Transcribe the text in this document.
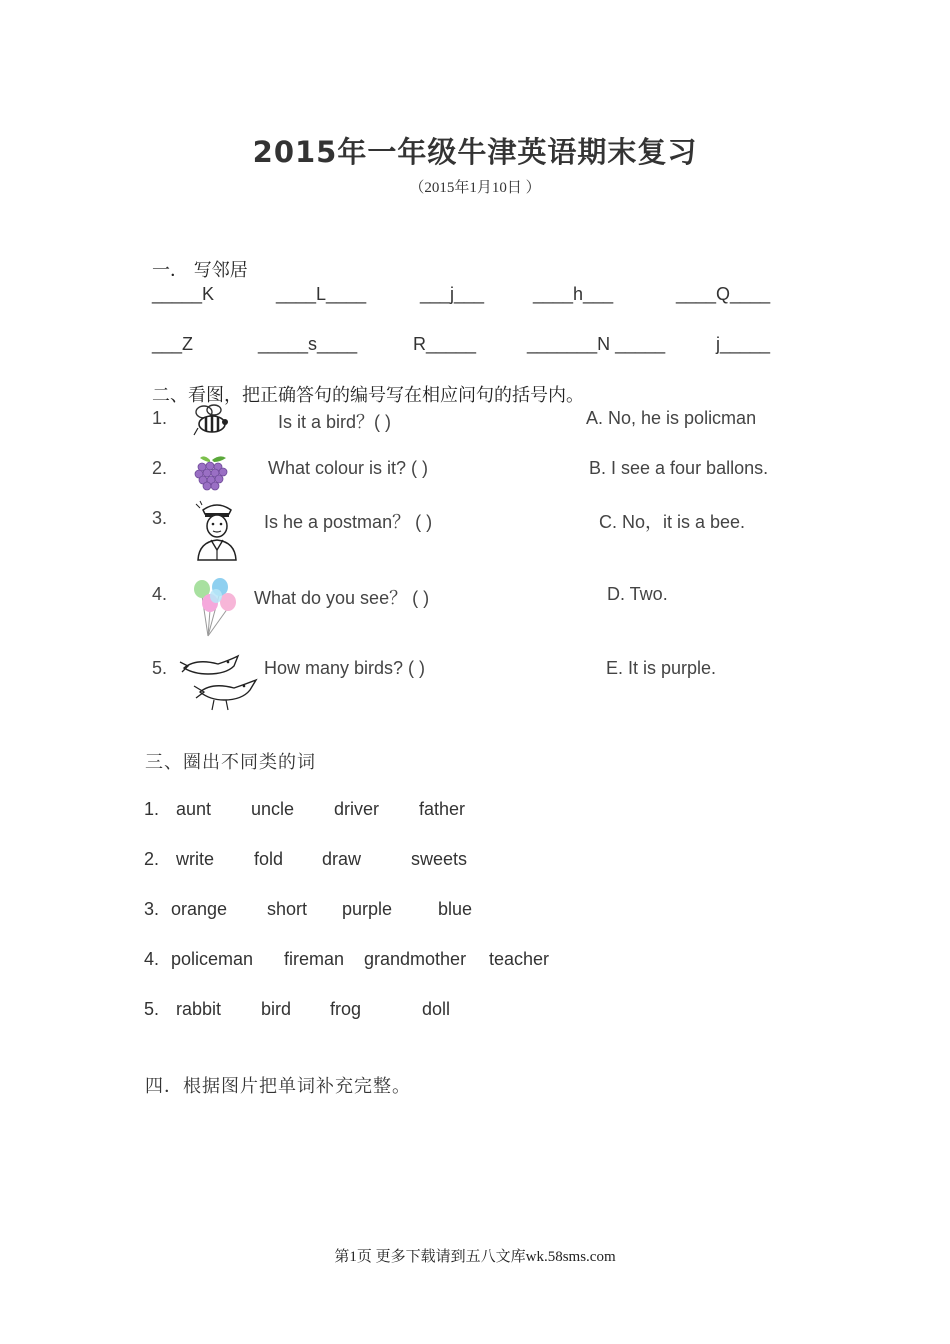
2015年一年级牛津英语期末复习
（2015年1月10日 ）
一． 写邻居
_____K	____L____	___j___	____h___	____Q____
___Z	_____s____	R_____	_______N _____	j_____
二、看图，把正确答句的编号写在相应问句的括号内。
1.	Is it a bird？( )	A. No, he is policman
2.	What colour is it? ( )	B. I see a four ballons.
3.	Is he a postman？ ( )	C. No，it is a bee.
4.	What do you see？ ( )	D. Two.
5.	How many birds? ( )	E. It is purple.
三、圈出不同类的词
1. aunt uncle driver father
2. write fold draw	sweets
3. orange short purple	blue
4. policeman fireman grandmother teacher
5. rabbit bird frog	doll
四．根据图片把单词补充完整。
第1页 更多下载请到五八文库wk.58sms.com
